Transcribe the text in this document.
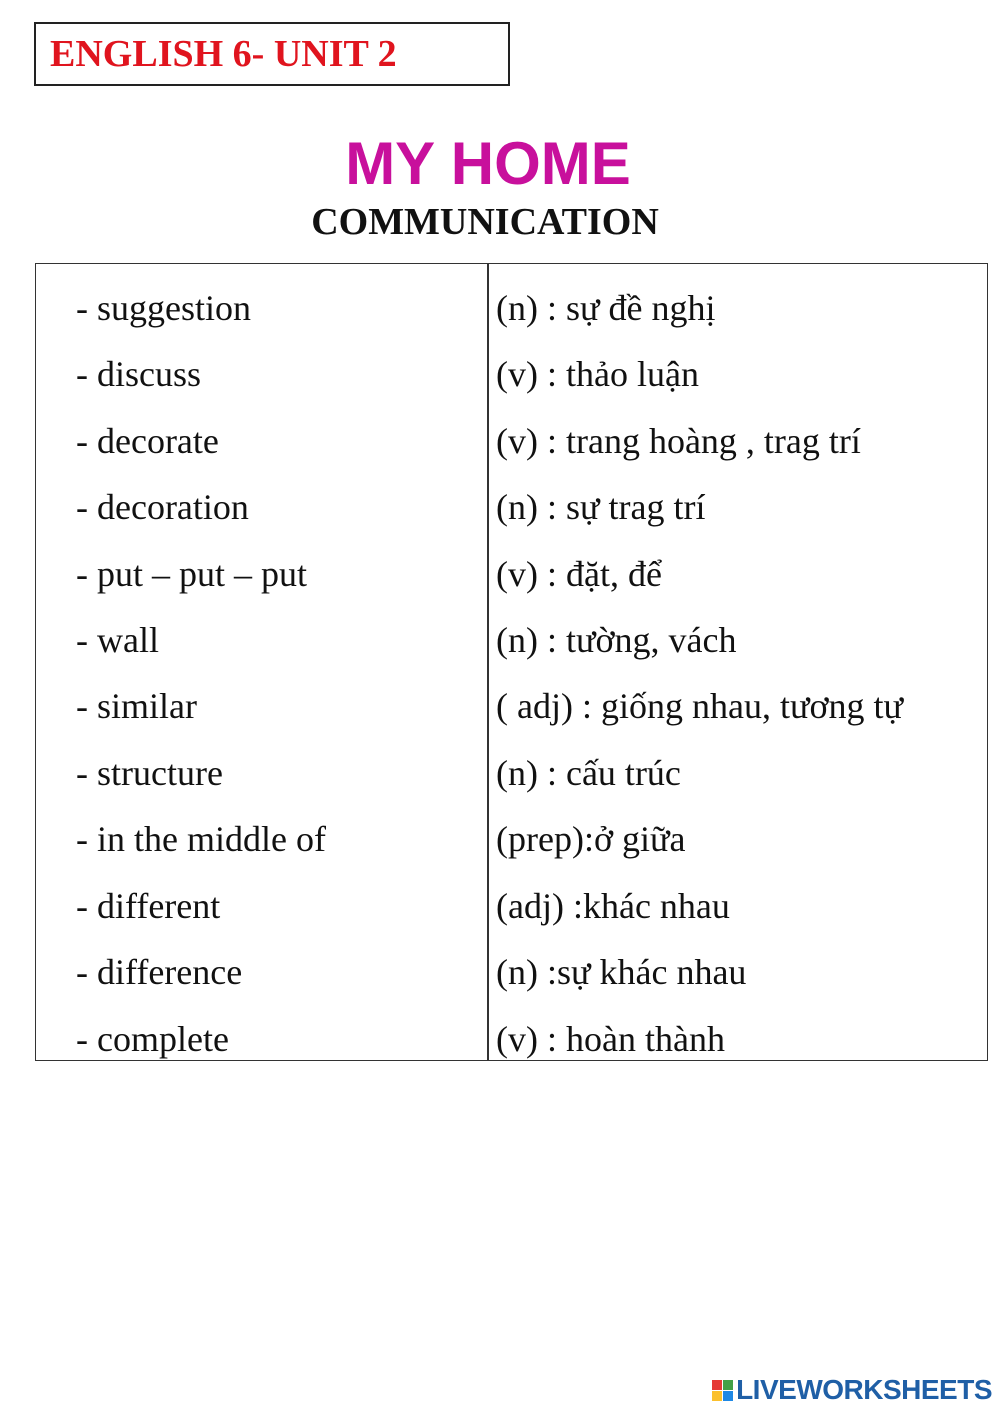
ENGLISH 6- UNIT 2
MY HOME
COMMUNICATION
- suggestion	(n) : sự đề nghị
- discuss	(v) : thảo luận
- decorate	(v) : trang hoàng , trag trí
- decoration	(n) : sự trag trí
- put – put – put	(v) : đặt, để
- wall	(n) : tường, vách
- similar	( adj) : giống nhau, tương tự
- structure	(n) : cấu trúc
- in the middle of	(prep):ở giữa
- different	(adj) :khác nhau
- difference	(n) :sự khác nhau
- complete	(v) : hoàn thành
LIVEWORKSHEETS
